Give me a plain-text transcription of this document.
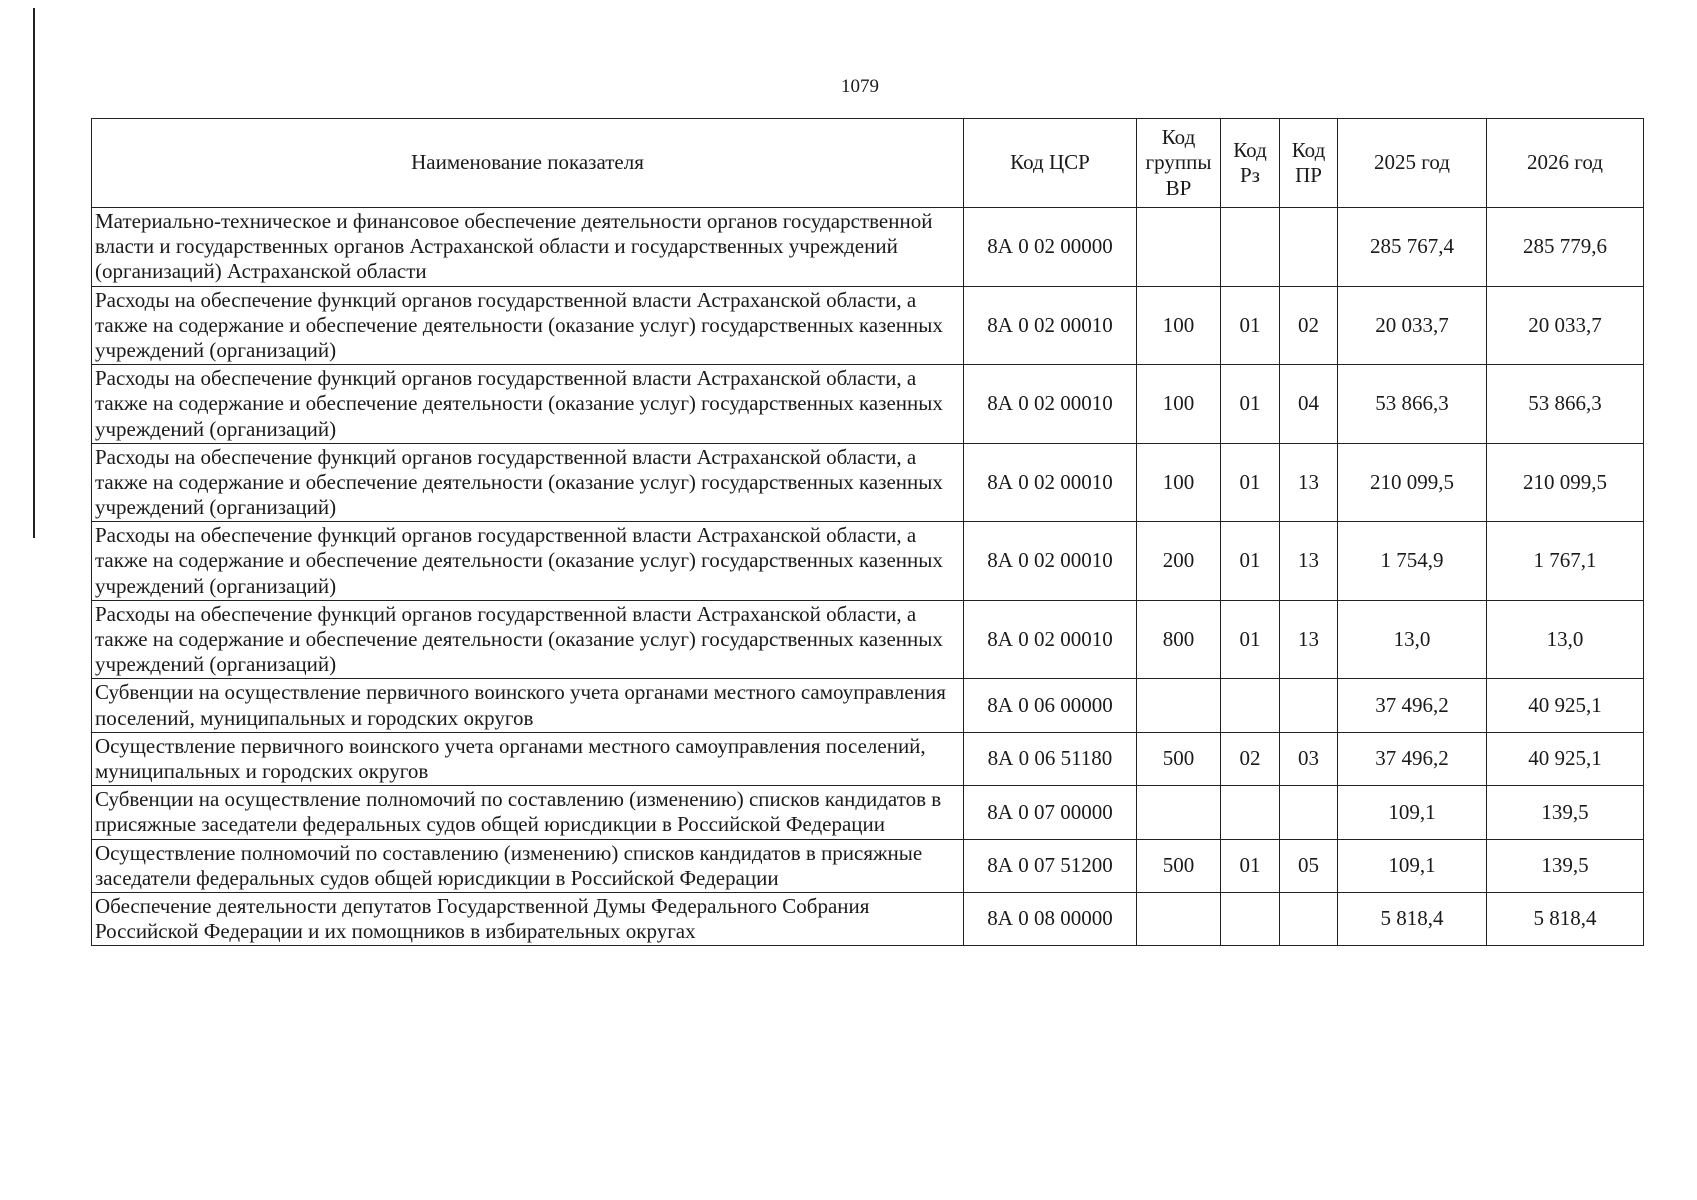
1079
Наименование показателя	Код ЦСР	Код группы ВР	Код Рз	Код ПР	2025 год	2026 год
Материально-техническое и финансовое обеспечение деятельности органов государственной власти и государственных органов Астраханской области и государственных учреждений (организаций) Астраханской области	8А 0 02 00000				285 767,4	285 779,6
Расходы на обеспечение функций органов государственной власти Астраханской области, а также на содержание и обеспечение деятельности (оказание услуг) государственных казенных учреждений (организаций)	8А 0 02 00010	100	01	02	20 033,7	20 033,7
Расходы на обеспечение функций органов государственной власти Астраханской области, а также на содержание и обеспечение деятельности (оказание услуг) государственных казенных учреждений (организаций)	8А 0 02 00010	100	01	04	53 866,3	53 866,3
Расходы на обеспечение функций органов государственной власти Астраханской области, а также на содержание и обеспечение деятельности (оказание услуг) государственных казенных учреждений (организаций)	8А 0 02 00010	100	01	13	210 099,5	210 099,5
Расходы на обеспечение функций органов государственной власти Астраханской области, а также на содержание и обеспечение деятельности (оказание услуг) государственных казенных учреждений (организаций)	8А 0 02 00010	200	01	13	1 754,9	1 767,1
Расходы на обеспечение функций органов государственной власти Астраханской области, а также на содержание и обеспечение деятельности (оказание услуг) государственных казенных учреждений (организаций)	8А 0 02 00010	800	01	13	13,0	13,0
Субвенции на осуществление первичного воинского учета органами местного самоуправления поселений, муниципальных и городских округов	8А 0 06 00000				37 496,2	40 925,1
Осуществление первичного воинского учета органами местного самоуправления поселений, муниципальных и городских округов	8А 0 06 51180	500	02	03	37 496,2	40 925,1
Субвенции на осуществление полномочий по составлению (изменению) списков кандидатов в присяжные заседатели федеральных судов общей юрисдикции в Российской Федерации	8А 0 07 00000				109,1	139,5
Осуществление полномочий по составлению (изменению) списков кандидатов в присяжные заседатели федеральных судов общей юрисдикции в Российской Федерации	8А 0 07 51200	500	01	05	109,1	139,5
Обеспечение деятельности депутатов Государственной Думы Федерального Собрания Российской Федерации и их помощников в избирательных округах	8А 0 08 00000				5 818,4	5 818,4
